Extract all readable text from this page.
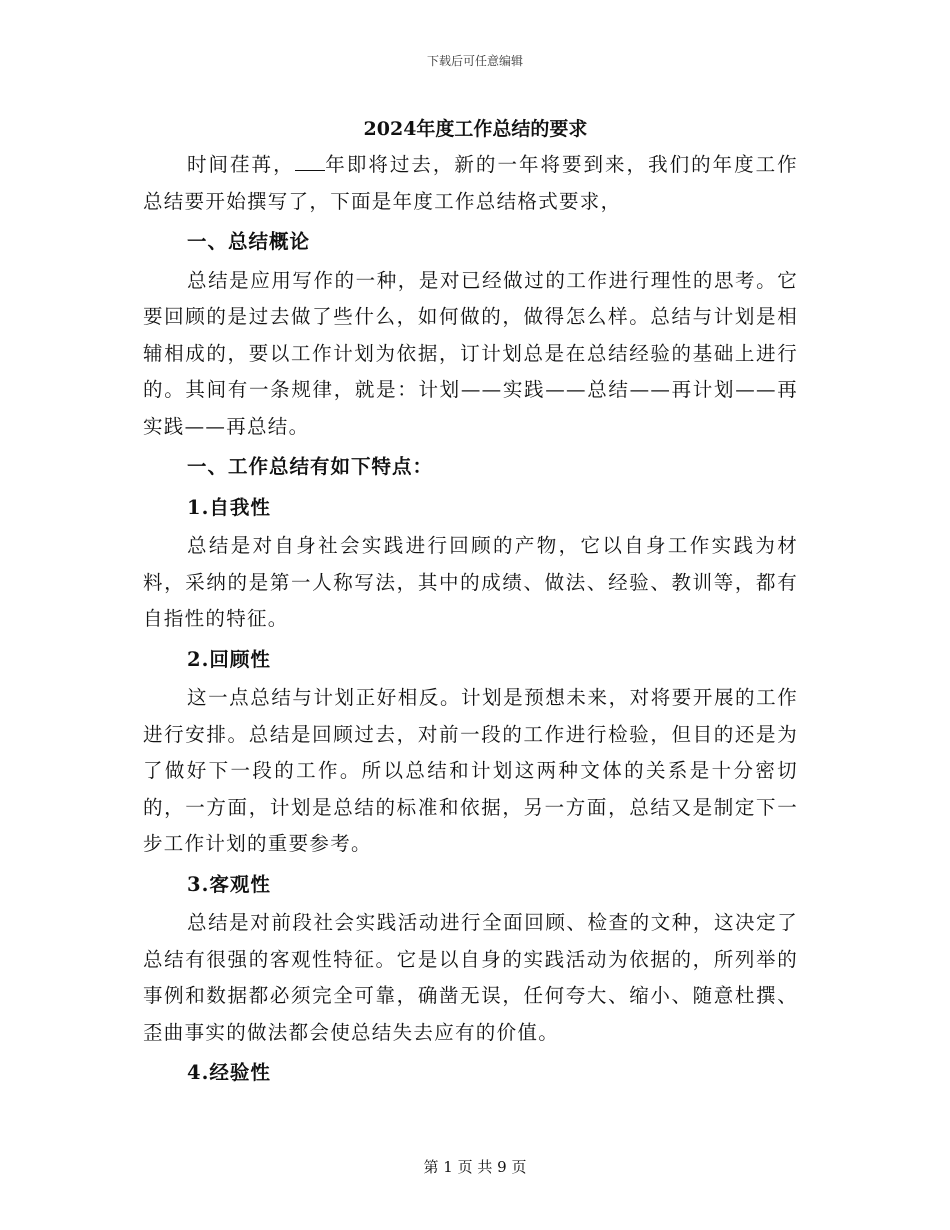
下载后可任意编辑
2024年度工作总结的要求

时间荏苒， 年即将过去，新的一年将要到来，我们的年度工作总结要开始撰写了，下面是年度工作总结格式要求，

一、总结概论

总结是应用写作的一种，是对已经做过的工作进行理性的思考。它要回顾的是过去做了些什么，如何做的，做得怎么样。总结与计划是相辅相成的，要以工作计划为依据，订计划总是在总结经验的基础上进行的。其间有一条规律，就是：计划——实践——总结——再计划——再实践——再总结。

一、工作总结有如下特点：
1.自我性

总结是对自身社会实践进行回顾的产物，它以自身工作实践为材料，采纳的是第一人称写法，其中的成绩、做法、经验、教训等，都有自指性的特征。

2.回顾性

这一点总结与计划正好相反。计划是预想未来，对将要开展的工作进行安排。总结是回顾过去，对前一段的工作进行检验，但目的还是为了做好下一段的工作。所以总结和计划这两种文体的关系是十分密切的，一方面，计划是总结的标准和依据，另一方面，总结又是制定下一步工作计划的重要参考。

3.客观性

总结是对前段社会实践活动进行全面回顾、检查的文种，这决定了总结有很强的客观性特征。它是以自身的实践活动为依据的，所列举的事例和数据都必须完全可靠，确凿无误，任何夸大、缩小、随意杜撰、歪曲事实的做法都会使总结失去应有的价值。

4.经验性
第 1 页 共 9 页
